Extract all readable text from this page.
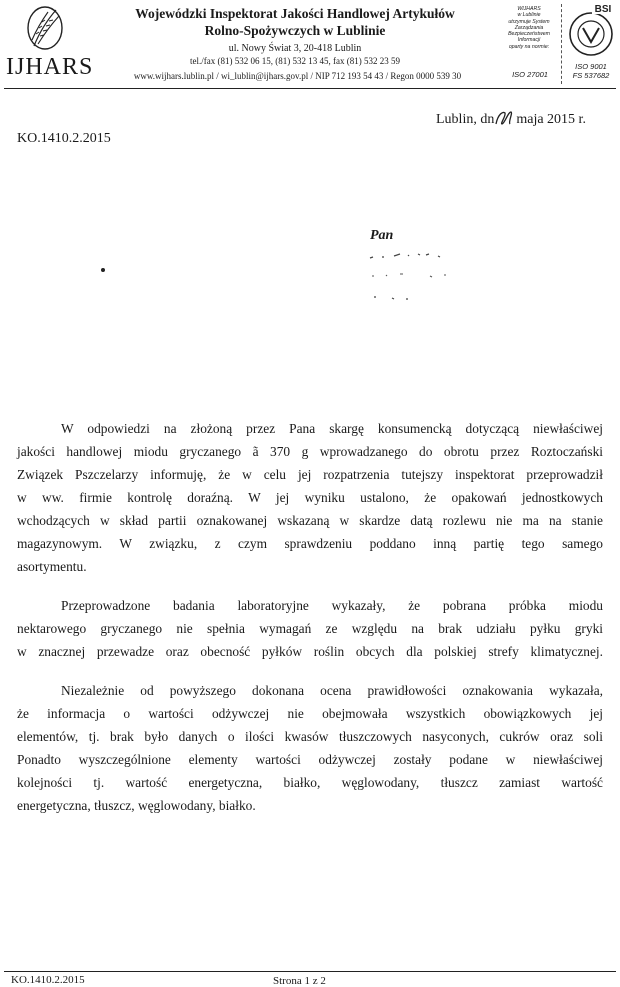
IJHARS
Wojewódzki Inspektorat Jakości Handlowej Artykułów
Rolno-Spożywczych w Lublinie
ul. Nowy Świat 3, 20-418 Lublin
tel./fax (81) 532 06 15, (81) 532 13 45, fax (81) 532 23 59
www.wijhars.lublin.pl / wi_lublin@ijhars.gov.pl / NIP 712 193 54 43 / Regon 0000 539 30
WIJHARS
w Lublinie
utrzymuje System
Zarządzania
Bezpieczeństwem
Informacji
oparty na normie:
ISO 27001
BSI
ISO 9001
FS 537682
Lublin, dn maja 2015 r.
KO.1410.2.2015
Pan
W odpowiedzi na złożoną przez Pana skargę konsumencką dotyczącą niewłaściwej
jakości handlowej miodu gryczanego ã 370 g wprowadzanego do obrotu przez Roztoczański
Związek Pszczelarzy informuję, że w celu jej rozpatrzenia tutejszy inspektorat przeprowadził
w ww. firmie kontrolę doraźną. W jej wyniku ustalono, że opakowań jednostkowych
wchodzących w skład partii oznakowanej wskazaną w skardze datą rozlewu nie ma na stanie
magazynowym. W związku, z czym sprawdzeniu poddano inną partię tego samego
asortymentu.
Przeprowadzone badania laboratoryjne wykazały, że pobrana próbka miodu
nektarowego gryczanego nie spełnia wymagań ze względu na brak udziału pyłku gryki
w znacznej przewadze oraz obecność pyłków roślin obcych dla polskiej strefy klimatycznej.
Niezależnie od powyższego dokonana ocena prawidłowości oznakowania wykazała,
że informacja o wartości odżywczej nie obejmowała wszystkich obowiązkowych jej
elementów, tj. brak było danych o ilości kwasów tłuszczowych nasyconych, cukrów oraz soli
Ponadto wyszczególnione elementy wartości odżywczej zostały podane w niewłaściwej
kolejności tj. wartość energetyczna, białko, węglowodany, tłuszcz zamiast wartość
energetyczna, tłuszcz, węglowodany, białko.
KO.1410.2.2015	Strona 1 z 2
